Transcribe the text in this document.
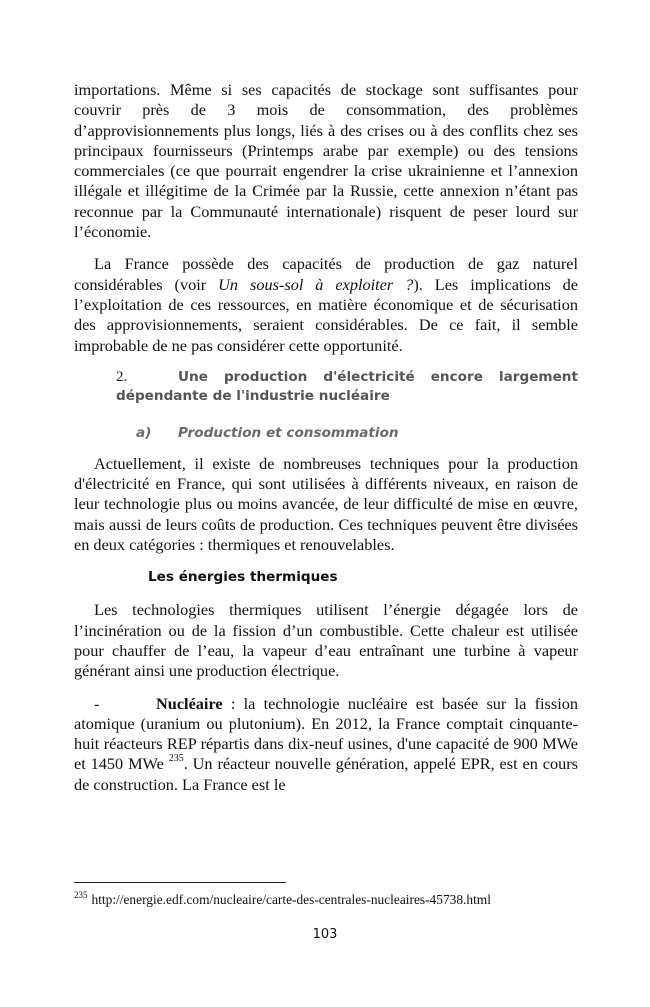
importations. Même si ses capacités de stockage sont suffisantes pour couvrir près de 3 mois de consommation, des problèmes d’approvisionnements plus longs, liés à des crises ou à des conflits chez ses principaux fournisseurs (Printemps arabe par exemple) ou des tensions commerciales (ce que pourrait engendrer la crise ukrainienne et l’annexion illégale et illégitime de la Crimée par la Russie, cette annexion n’étant pas reconnue par la Communauté internationale) risquent de peser lourd sur l’économie.

La France possède des capacités de production de gaz naturel considérables (voir Un sous-sol à exploiter ?). Les implications de l’exploitation de ces ressources, en matière économique et de sécurisation des approvisionnements, seraient considérables. De ce fait, il semble improbable de ne pas considérer cette opportunité.

2.	Une production d'électricité encore largement dépendante de l'industrie nucléaire
a) Production et consommation

Actuellement, il existe de nombreuses techniques pour la production d'électricité en France, qui sont utilisées à différents niveaux, en raison de leur technologie plus ou moins avancée, de leur difficulté de mise en œuvre, mais aussi de leurs coûts de production. Ces techniques peuvent être divisées en deux catégories : thermiques et renouvelables.

Les énergies thermiques

Les technologies thermiques utilisent l’énergie dégagée lors de l’incinération ou de la fission d’un combustible. Cette chaleur est utilisée pour chauffer de l’eau, la vapeur d’eau entraînant une turbine à vapeur générant ainsi une production électrique.

-	Nucléaire : la technologie nucléaire est basée sur la fission atomique (uranium ou plutonium). En 2012, la France comptait cinquante-huit réacteurs REP répartis dans dix-neuf usines, d'une capacité de 900 MWe et 1450 MWe $^{235}$. Un réacteur nouvelle génération, appelé EPR, est en cours de construction. La France est le

$^{235}$ http://energie.edf.com/nucleaire/carte-des-centrales-nucleaires-45738.html
103
